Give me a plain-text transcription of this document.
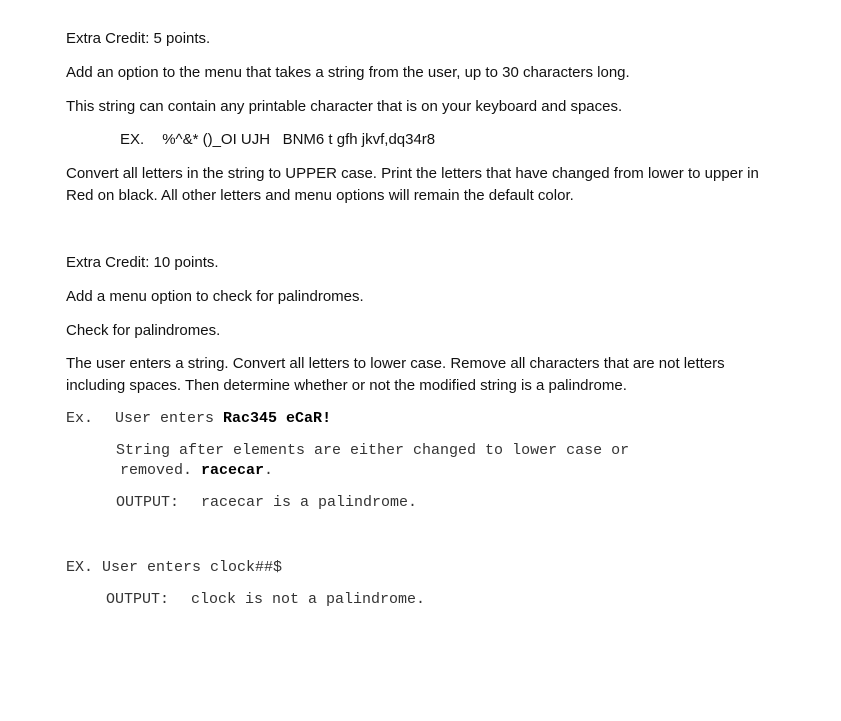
Extra Credit: 5 points.
Add an option to the menu that takes a string from the user, up to 30 characters long.
This string can contain any printable character that is on your keyboard and spaces.
EX. %^&* ()_OI UJH   BNM6 t gfh jkvf,dq34r8
Convert all letters in the string to UPPER case. Print the letters that have changed from lower to upper in Red on black. All other letters and menu options will remain the default color.
Extra Credit: 10 points.
Add a menu option to check for palindromes.
Check for palindromes.
The user enters a string. Convert all letters to lower case. Remove all characters that are not letters including spaces. Then determine whether or not the modified string is a palindrome.
Ex. User enters Rac345 eCaR!
String after elements are either changed to lower case or
removed. racecar.
OUTPUT: racecar is a palindrome.
EX. User enters clock##$
OUTPUT: clock is not a palindrome.
